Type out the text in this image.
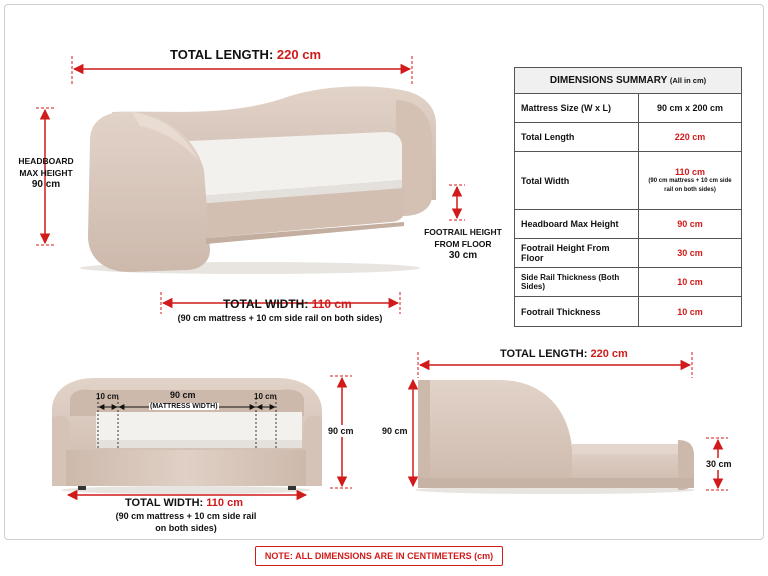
TOTAL LENGTH: 220 cm
HEADBOARD
MAX HEIGHT
90 cm
FOOTRAIL HEIGHT
FROM FLOOR
30 cm
TOTAL WIDTH: 110 cm
(90 cm mattress + 10 cm side rail on both sides)
DIMENSIONS SUMMARY (All in cm)	
Mattress Size (W x L)	90 cm x 200 cm
Total Length	220 cm
Total Width	110 cm
(90 cm mattress + 10 cm side rail on both sides)

Headboard Max Height	90 cm
Footrail Height From Floor	30 cm
Side Rail Thickness (Both Sides)	10 cm
Footrail Thickness	10 cm
10 cm	90 cm
(MATTRESS WIDTH)
10 cm
90 cm
TOTAL WIDTH: 110 cm
(90 cm mattress + 10 cm side rail
on both sides)
TOTAL LENGTH: 220 cm
90 cm
30 cm
NOTE: ALL DIMENSIONS ARE IN CENTIMETERS (cm)
